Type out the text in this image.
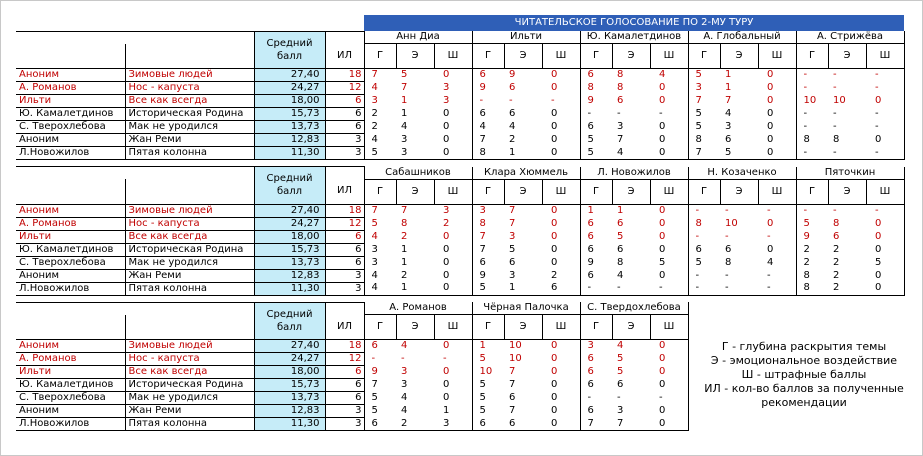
				ЧИТАТЕЛЬСКОЕ ГОЛОСОВАНИЕ ПО 2-МУ ТУРУ														
		Средний балл		Анн Диа			Ильти			Ю. Камалетдинов			А. Глобальный			А. Стрижёва		
			ИЛ	Г	Э	Ш	Г	Э	Ш	Г	Э	Ш	Г	Э	Ш	Г	Э	Ш
Аноним	Зимовые людей	27,40	18	7	5	0	6	9	0	6	8	4	5	1	0	-	-	-
А. Романов	Нос - капуста	24,27	12	4	7	3	9	6	0	8	8	0	3	1	0	-	-	-
Ильти	Все как всегда	18,00	6	3	1	3	-	-	-	9	6	0	7	7	0	10	10	0
Ю. Камалетдинов	Историческая Родина	15,73	6	2	1	0	6	6	0	-	-	-	5	4	0	-	-	-
С. Тверохлебова	Мак не уродился	13,73	6	2	4	0	4	4	0	6	3	0	5	3	0	-	-	-
Аноним	Жан Реми	12,83	3	4	3	0	7	2	0	5	7	0	8	6	0	8	8	0
Л.Новожилов	Пятая колонна	11,30	3	5	3	0	8	1	0	5	4	0	7	5	0	-	-	-

		Средний балл		Сабашников			Клара Хюммель			Л. Новожилов			Н. Козаченко			Пяточкин		
			ИЛ	Г	Э	Ш	Г	Э	Ш	Г	Э	Ш	Г	Э	Ш	Г	Э	Ш
Аноним	Зимовые людей	27,40	18	7	7	3	3	7	0	1	1	0	-	-	-	-	-	-
А. Романов	Нос - капуста	24,27	12	5	8	2	8	7	0	6	6	0	8	10	0	5	8	0
Ильти	Все как всегда	18,00	6	4	2	0	7	3	0	6	5	0	-	-	-	9	6	0
Ю. Камалетдинов	Историческая Родина	15,73	6	3	1	0	7	5	0	6	6	0	6	6	0	2	2	0
С. Тверохлебова	Мак не уродился	13,73	6	3	1	0	6	6	0	9	8	5	5	8	4	2	2	5
Аноним	Жан Реми	12,83	3	4	2	0	9	3	2	6	4	0	-	-	-	8	2	0
Л.Новожилов	Пятая колонна	11,30	3	4	1	0	5	1	6	-	-	-	-	-	-	8	2	0

		Средний балл		А. Романов			Чёрная Палочка			С. Твердохлебова								
			ИЛ	Г	Э	Ш	Г	Э	Ш	Г	Э	Ш						
Аноним	Зимовые людей	27,40	18	6	4	0	1	10	0	3	4	0						
А. Романов	Нос - капуста	24,27	12	-	-	-	5	10	0	6	5	0						
Ильти	Все как всегда	18,00	6	9	3	0	10	7	0	6	5	0						
Ю. Камалетдинов	Историческая Родина	15,73	6	7	3	0	5	7	0	6	6	0						
С. Тверохлебова	Мак не уродился	13,73	6	5	4	0	5	6	0	-	-	-						
Аноним	Жан Реми	12,83	3	5	4	1	5	7	0	6	3	0						
Л.Новожилов	Пятая колонна	11,30	3	6	2	3	6	6	0	7	7	0						
Г - глубина раскрытия темы
Э - эмоциональное воздействие
Ш - штрафные баллы
ИЛ - кол-во баллов за полученные рекомендации
